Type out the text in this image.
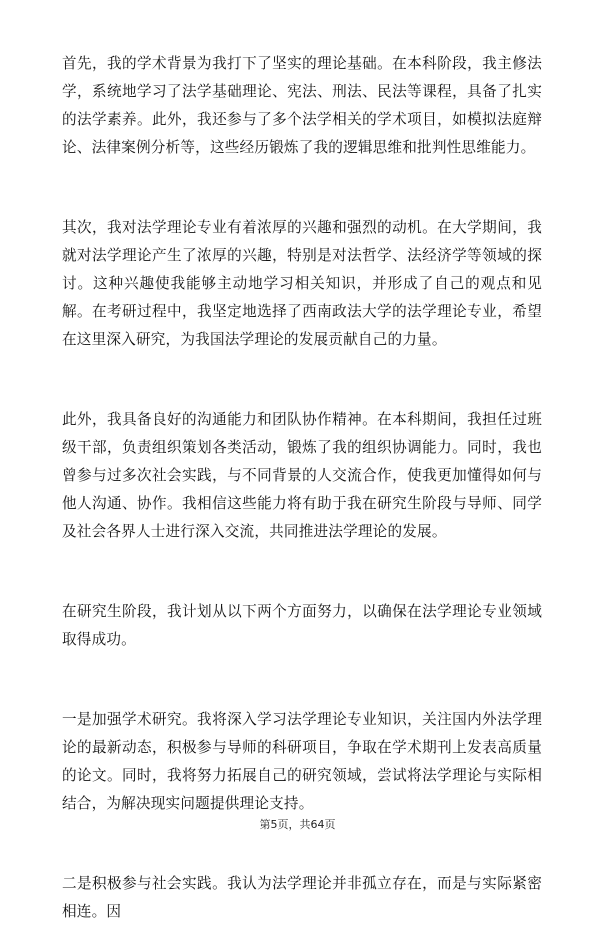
首先，我的学术背景为我打下了坚实的理论基础。在本科阶段，我主修法学，系统地学习了法学基础理论、宪法、刑法、民法等课程，具备了扎实的法学素养。此外，我还参与了多个法学相关的学术项目，如模拟法庭辩论、法律案例分析等，这些经历锻炼了我的逻辑思维和批判性思维能力。

其次，我对法学理论专业有着浓厚的兴趣和强烈的动机。在大学期间，我就对法学理论产生了浓厚的兴趣，特别是对法哲学、法经济学等领域的探讨。这种兴趣使我能够主动地学习相关知识，并形成了自己的观点和见解。在考研过程中，我坚定地选择了西南政法大学的法学理论专业，希望在这里深入研究，为我国法学理论的发展贡献自己的力量。

此外，我具备良好的沟通能力和团队协作精神。在本科期间，我担任过班级干部，负责组织策划各类活动，锻炼了我的组织协调能力。同时，我也曾参与过多次社会实践，与不同背景的人交流合作，使我更加懂得如何与他人沟通、协作。我相信这些能力将有助于我在研究生阶段与导师、同学及社会各界人士进行深入交流，共同推进法学理论的发展。

在研究生阶段，我计划从以下两个方面努力，以确保在法学理论专业领域取得成功。

一是加强学术研究。我将深入学习法学理论专业知识，关注国内外法学理论的最新动态，积极参与导师的科研项目，争取在学术期刊上发表高质量的论文。同时，我将努力拓展自己的研究领域，尝试将法学理论与实际相结合，为解决现实问题提供理论支持。

二是积极参与社会实践。我认为法学理论并非孤立存在，而是与实际紧密相连。因

第5页，共64页
